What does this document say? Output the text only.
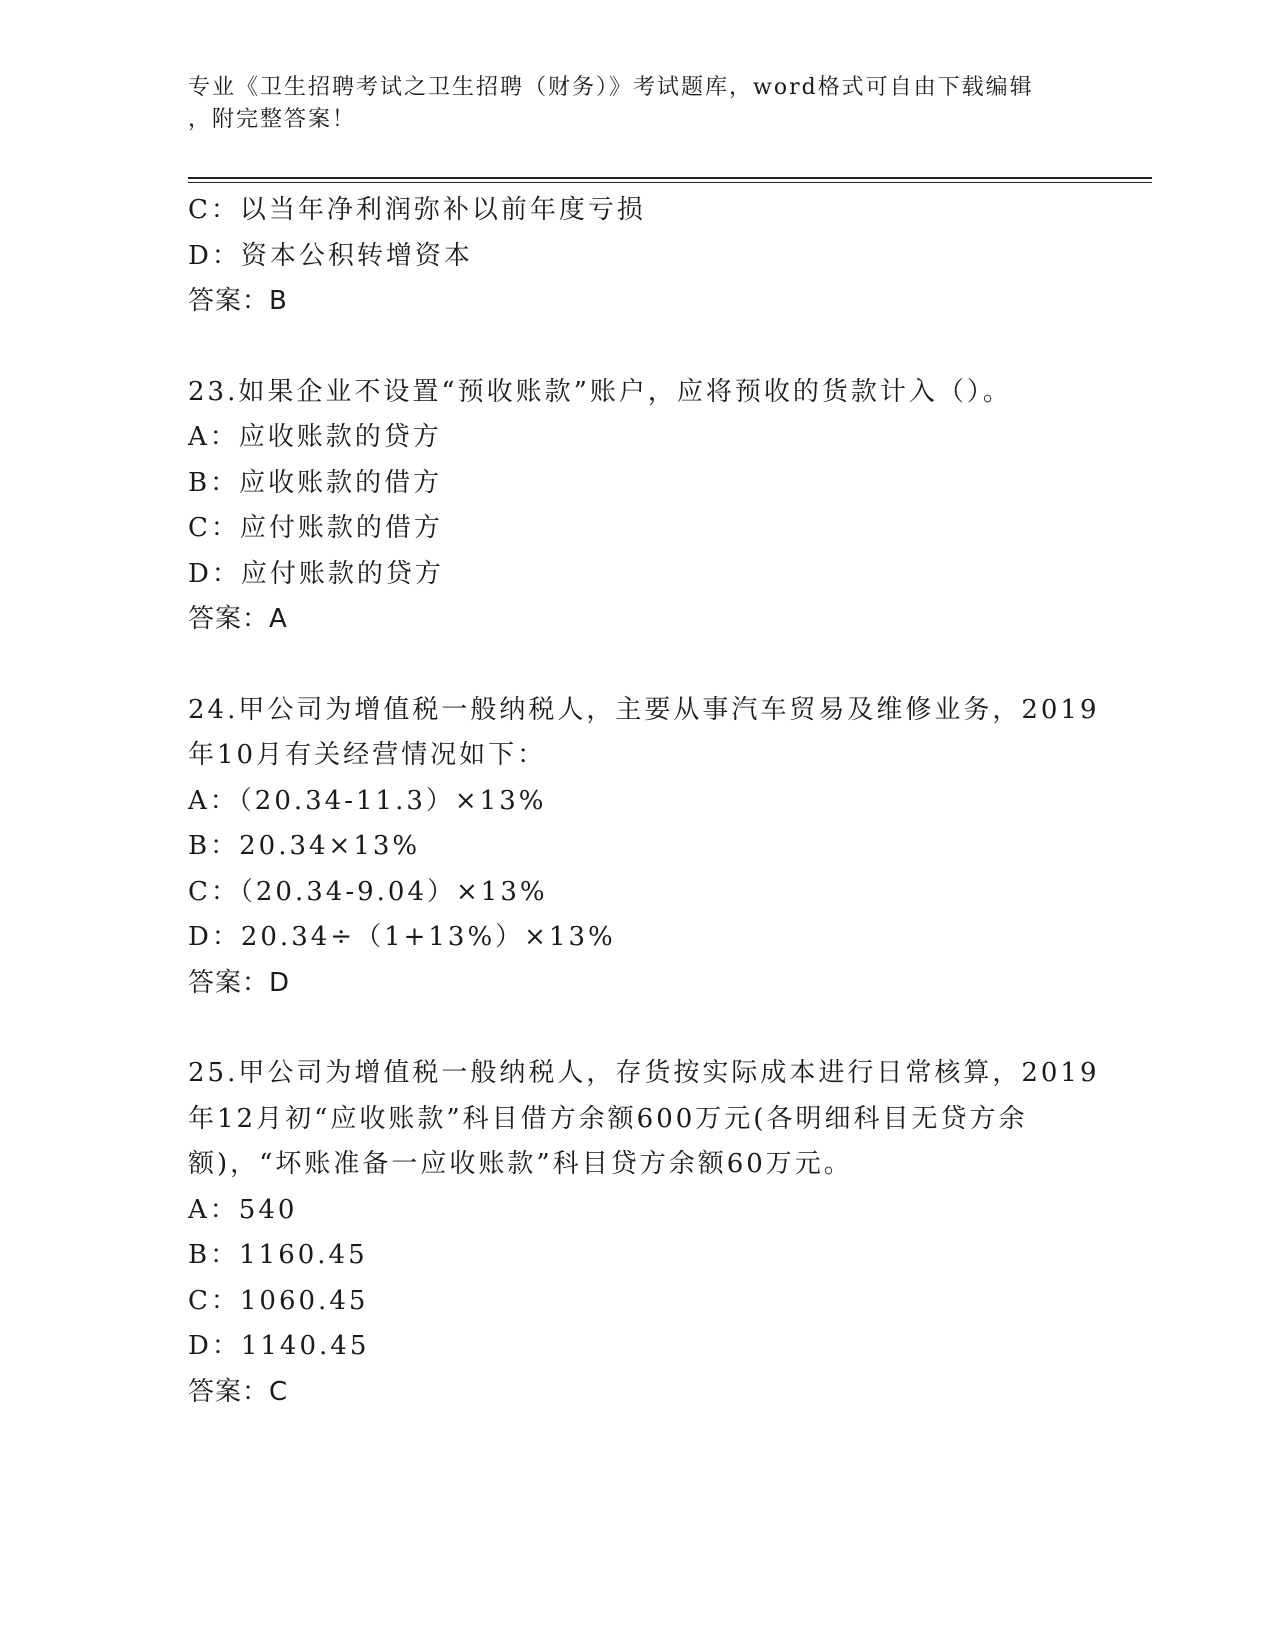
专业《卫生招聘考试之卫生招聘（财务）》考试题库，word格式可自由下载编辑
，附完整答案！
C：以当年净利润弥补以前年度亏损
D：资本公积转增资本
答案：B
23.如果企业不设置“预收账款”账户，应将预收的货款计入（）。
A：应收账款的贷方
B：应收账款的借方
C：应付账款的借方
D：应付账款的贷方
答案：A
24.甲公司为增值税一般纳税人，主要从事汽车贸易及维修业务，2019
年10月有关经营情况如下：
A：（20.34-11.3）×13%
B：20.34×13%
C：（20.34-9.04）×13%
D：20.34÷（1+13%）×13%
答案：D
25.甲公司为增值税一般纳税人，存货按实际成本进行日常核算，2019
年12月初“应收账款”科目借方余额600万元(各明细科目无贷方余
额)，“坏账准备一应收账款”科目贷方余额60万元。
A：540
B：1160.45
C：1060.45
D：1140.45
答案：C
